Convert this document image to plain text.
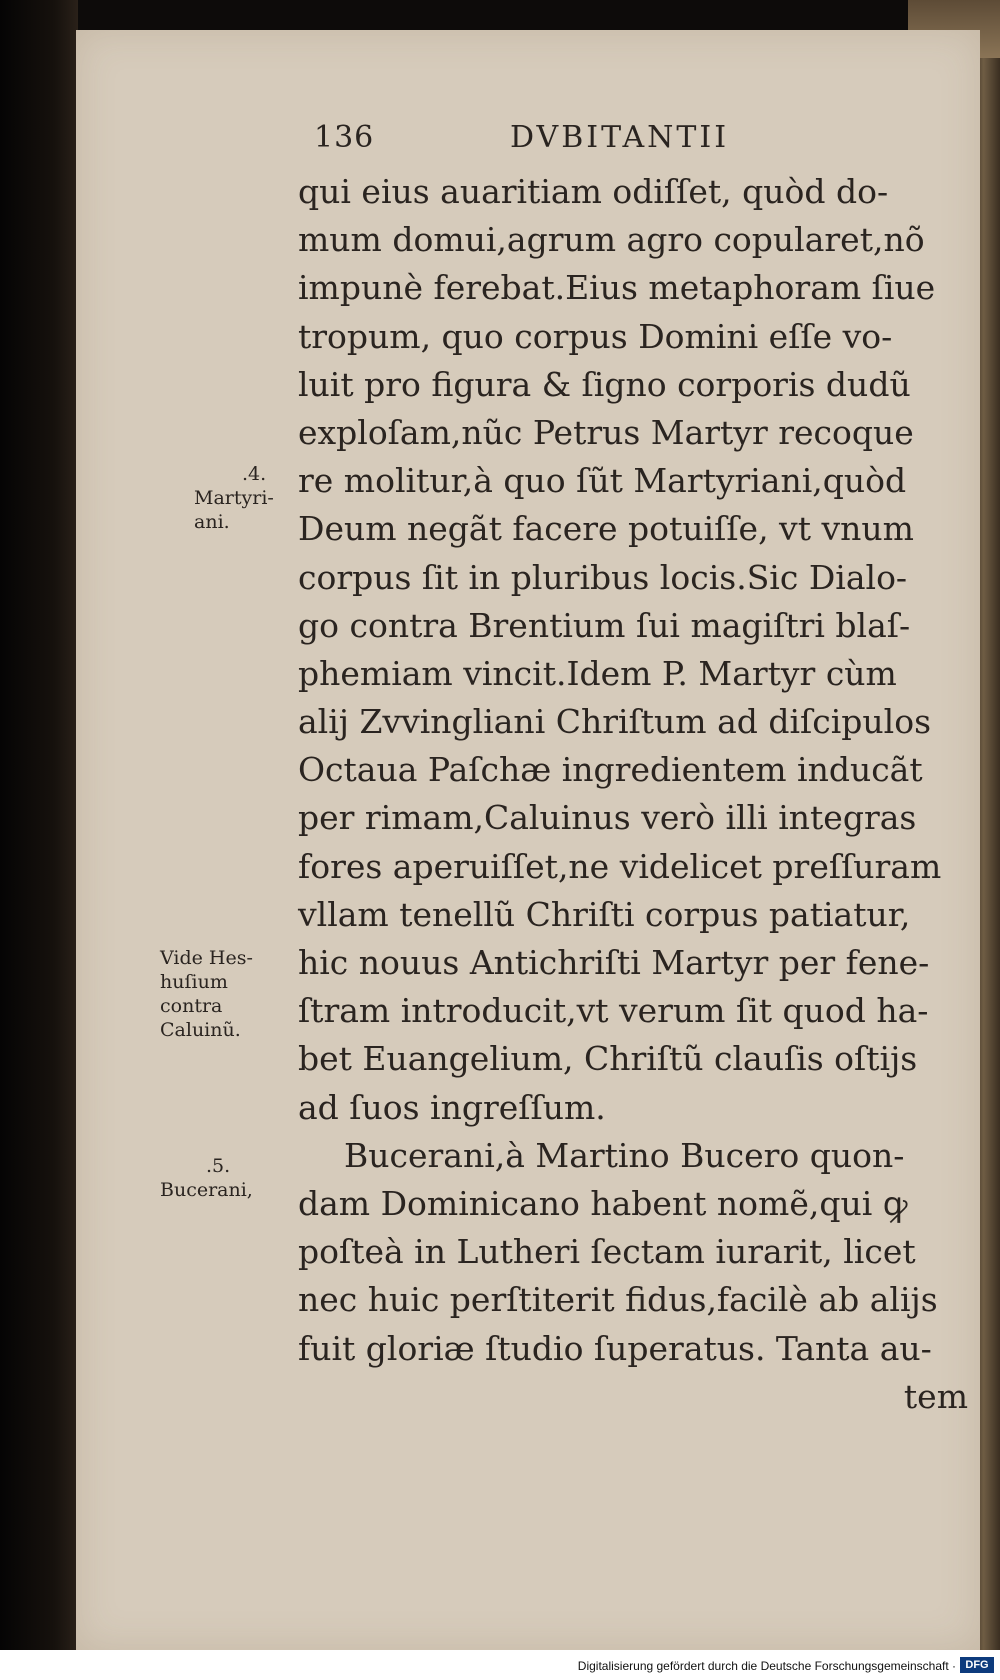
136	DVBITANTII
qui eius auaritiam odiſſet, quòd do-
mum domui,agrum agro copularet,nõ
impunè ferebat.Eius metaphoram ſiue
tropum, quo corpus Domini eſſe vo-
luit pro figura & ſigno corporis dudũ
exploſam,nũc Petrus Martyr recoque
re molitur,à quo ſũt Martyriani,quòd
Deum negãt facere potuiſſe, vt vnum
corpus ſit in pluribus locis.Sic Dialo-
go contra Brentium ſui magiſtri blaſ-
phemiam vincit.Idem P. Martyr cùm
alij Zvvingliani Chriſtum ad diſcipulos
Octaua Paſchæ ingredientem inducãt
per rimam,Caluinus verò illi integras
fores aperuiſſet,ne videlicet preſſuram
vllam tenellũ Chriſti corpus patiatur,
hic nouus Antichriſti Martyr per fene-
ſtram introducit,vt verum ſit quod ha-
bet Euangelium, Chriſtũ clauſis oſtijs
ad ſuos ingreſſum.
Bucerani,à Martino Bucero quon-
dam Dominicano habent nomẽ,qui ꝙ
poſteà in Lutheri ſectam iurarit, licet
nec huic perſtiterit fidus,facilè ab alijs
fuit gloriæ ſtudio ſuperatus. Tanta au-
tem
.4.
Martyri-
ani.
Vide Hes-
huſium
contra
Caluinũ.
.5.
Bucerani,
Digitalisierung gefördert durch die Deutsche Forschungsgemeinschaft · DFG
